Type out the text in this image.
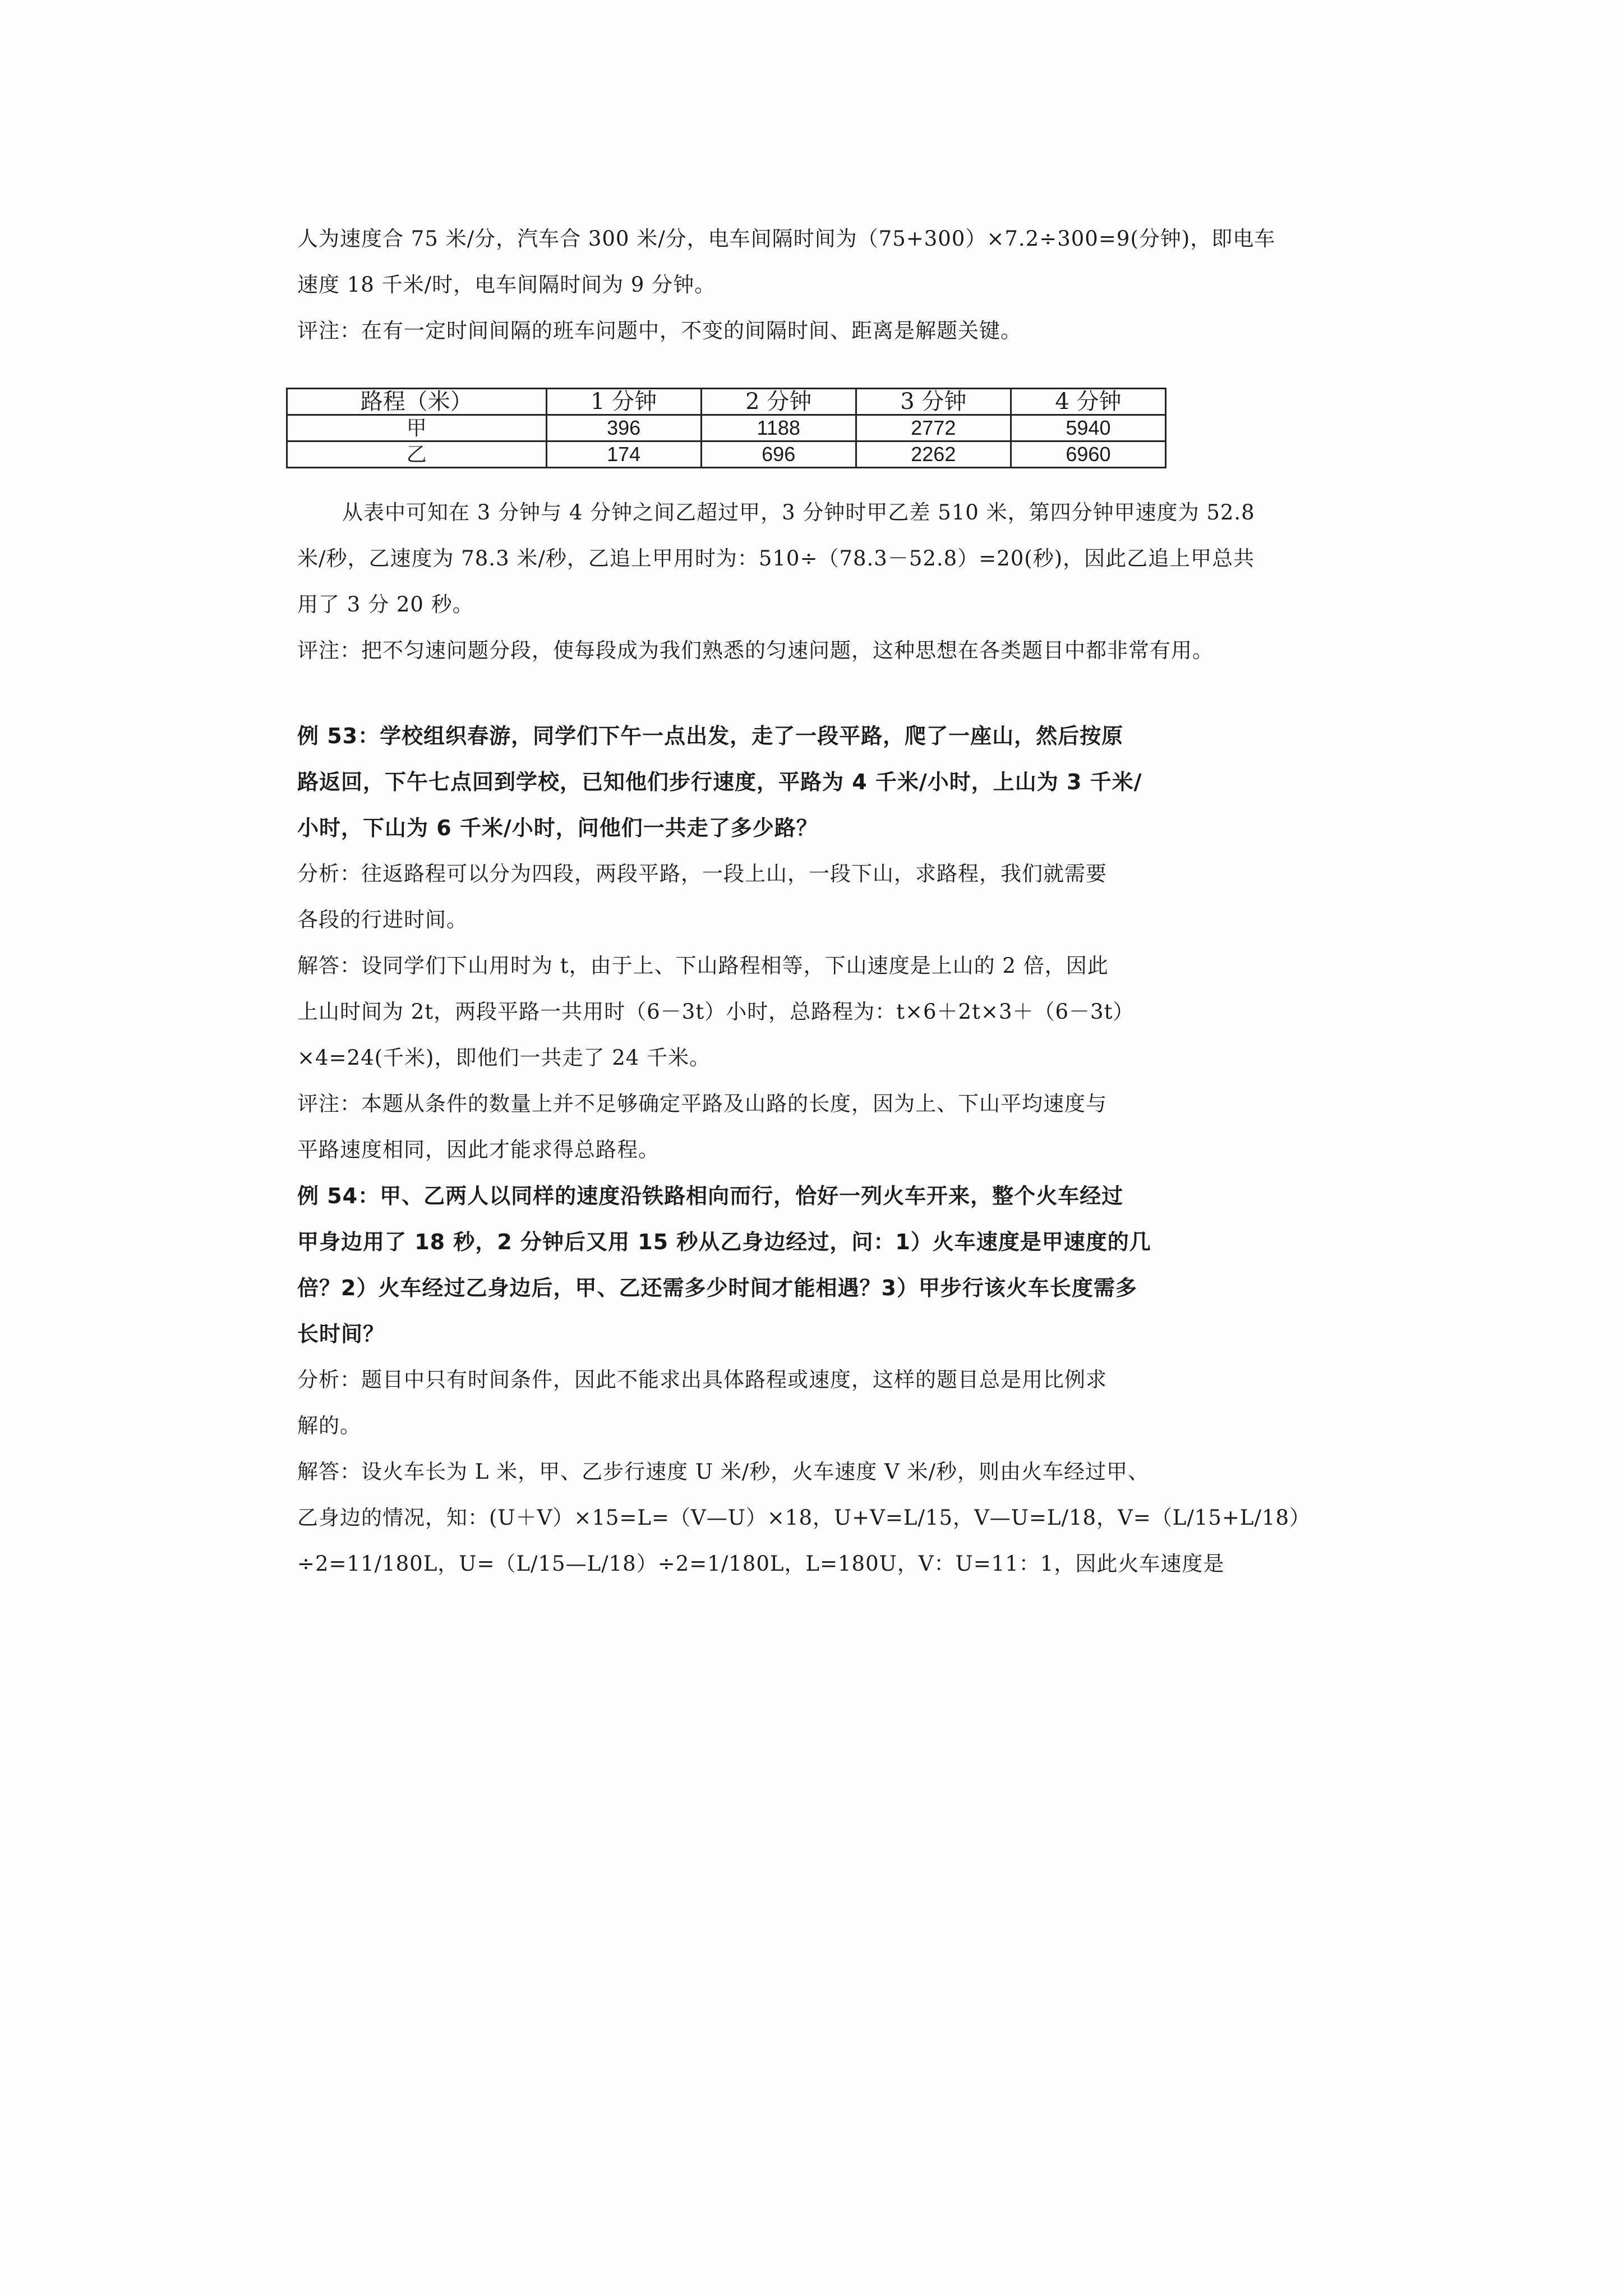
人为速度合 75 米/分，汽车合 300 米/分，电车间隔时间为（75+300）×7.2÷300=9(分钟)，即电车

速度 18 千米/时，电车间隔时间为 9 分钟。

评注：在有一定时间间隔的班车问题中，不变的间隔时间、距离是解题关键。

路程（米）	1 分钟	2 分钟	3 分钟	4 分钟
甲	396	1188	2772	5940
乙	174	696	2262	6960

从表中可知在 3 分钟与 4 分钟之间乙超过甲，3 分钟时甲乙差 510 米，第四分钟甲速度为 52.8

米/秒，乙速度为 78.3 米/秒，乙追上甲用时为：510÷（78.3－52.8）=20(秒)，因此乙追上甲总共

用了 3 分 20 秒。

评注：把不匀速问题分段，使每段成为我们熟悉的匀速问题，这种思想在各类题目中都非常有用。

例 53：学校组织春游，同学们下午一点出发，走了一段平路，爬了一座山，然后按原

路返回，下午七点回到学校，已知他们步行速度，平路为 4 千米/小时，上山为 3 千米/

小时，下山为 6 千米/小时，问他们一共走了多少路？

分析：往返路程可以分为四段，两段平路，一段上山，一段下山，求路程，我们就需要

各段的行进时间。

解答：设同学们下山用时为 t，由于上、下山路程相等，下山速度是上山的 2 倍，因此

上山时间为 2t，两段平路一共用时（6－3t）小时，总路程为：t×6＋2t×3＋（6－3t）

×4=24(千米)，即他们一共走了 24 千米。

评注：本题从条件的数量上并不足够确定平路及山路的长度，因为上、下山平均速度与

平路速度相同，因此才能求得总路程。

例 54：甲、乙两人以同样的速度沿铁路相向而行，恰好一列火车开来，整个火车经过

甲身边用了 18 秒，2 分钟后又用 15 秒从乙身边经过，问：1）火车速度是甲速度的几

倍？2）火车经过乙身边后，甲、乙还需多少时间才能相遇？3）甲步行该火车长度需多

长时间？

分析：题目中只有时间条件，因此不能求出具体路程或速度，这样的题目总是用比例求

解的。

解答：设火车长为 L 米，甲、乙步行速度 U 米/秒，火车速度 V 米/秒，则由火车经过甲、

乙身边的情况，知：(U＋V）×15=L=（V—U）×18，U+V=L/15，V—U=L/18，V=（L/15+L/18）

÷2=11/180L，U=（L/15—L/18）÷2=1/180L，L=180U，V：U=11：1，因此火车速度是
